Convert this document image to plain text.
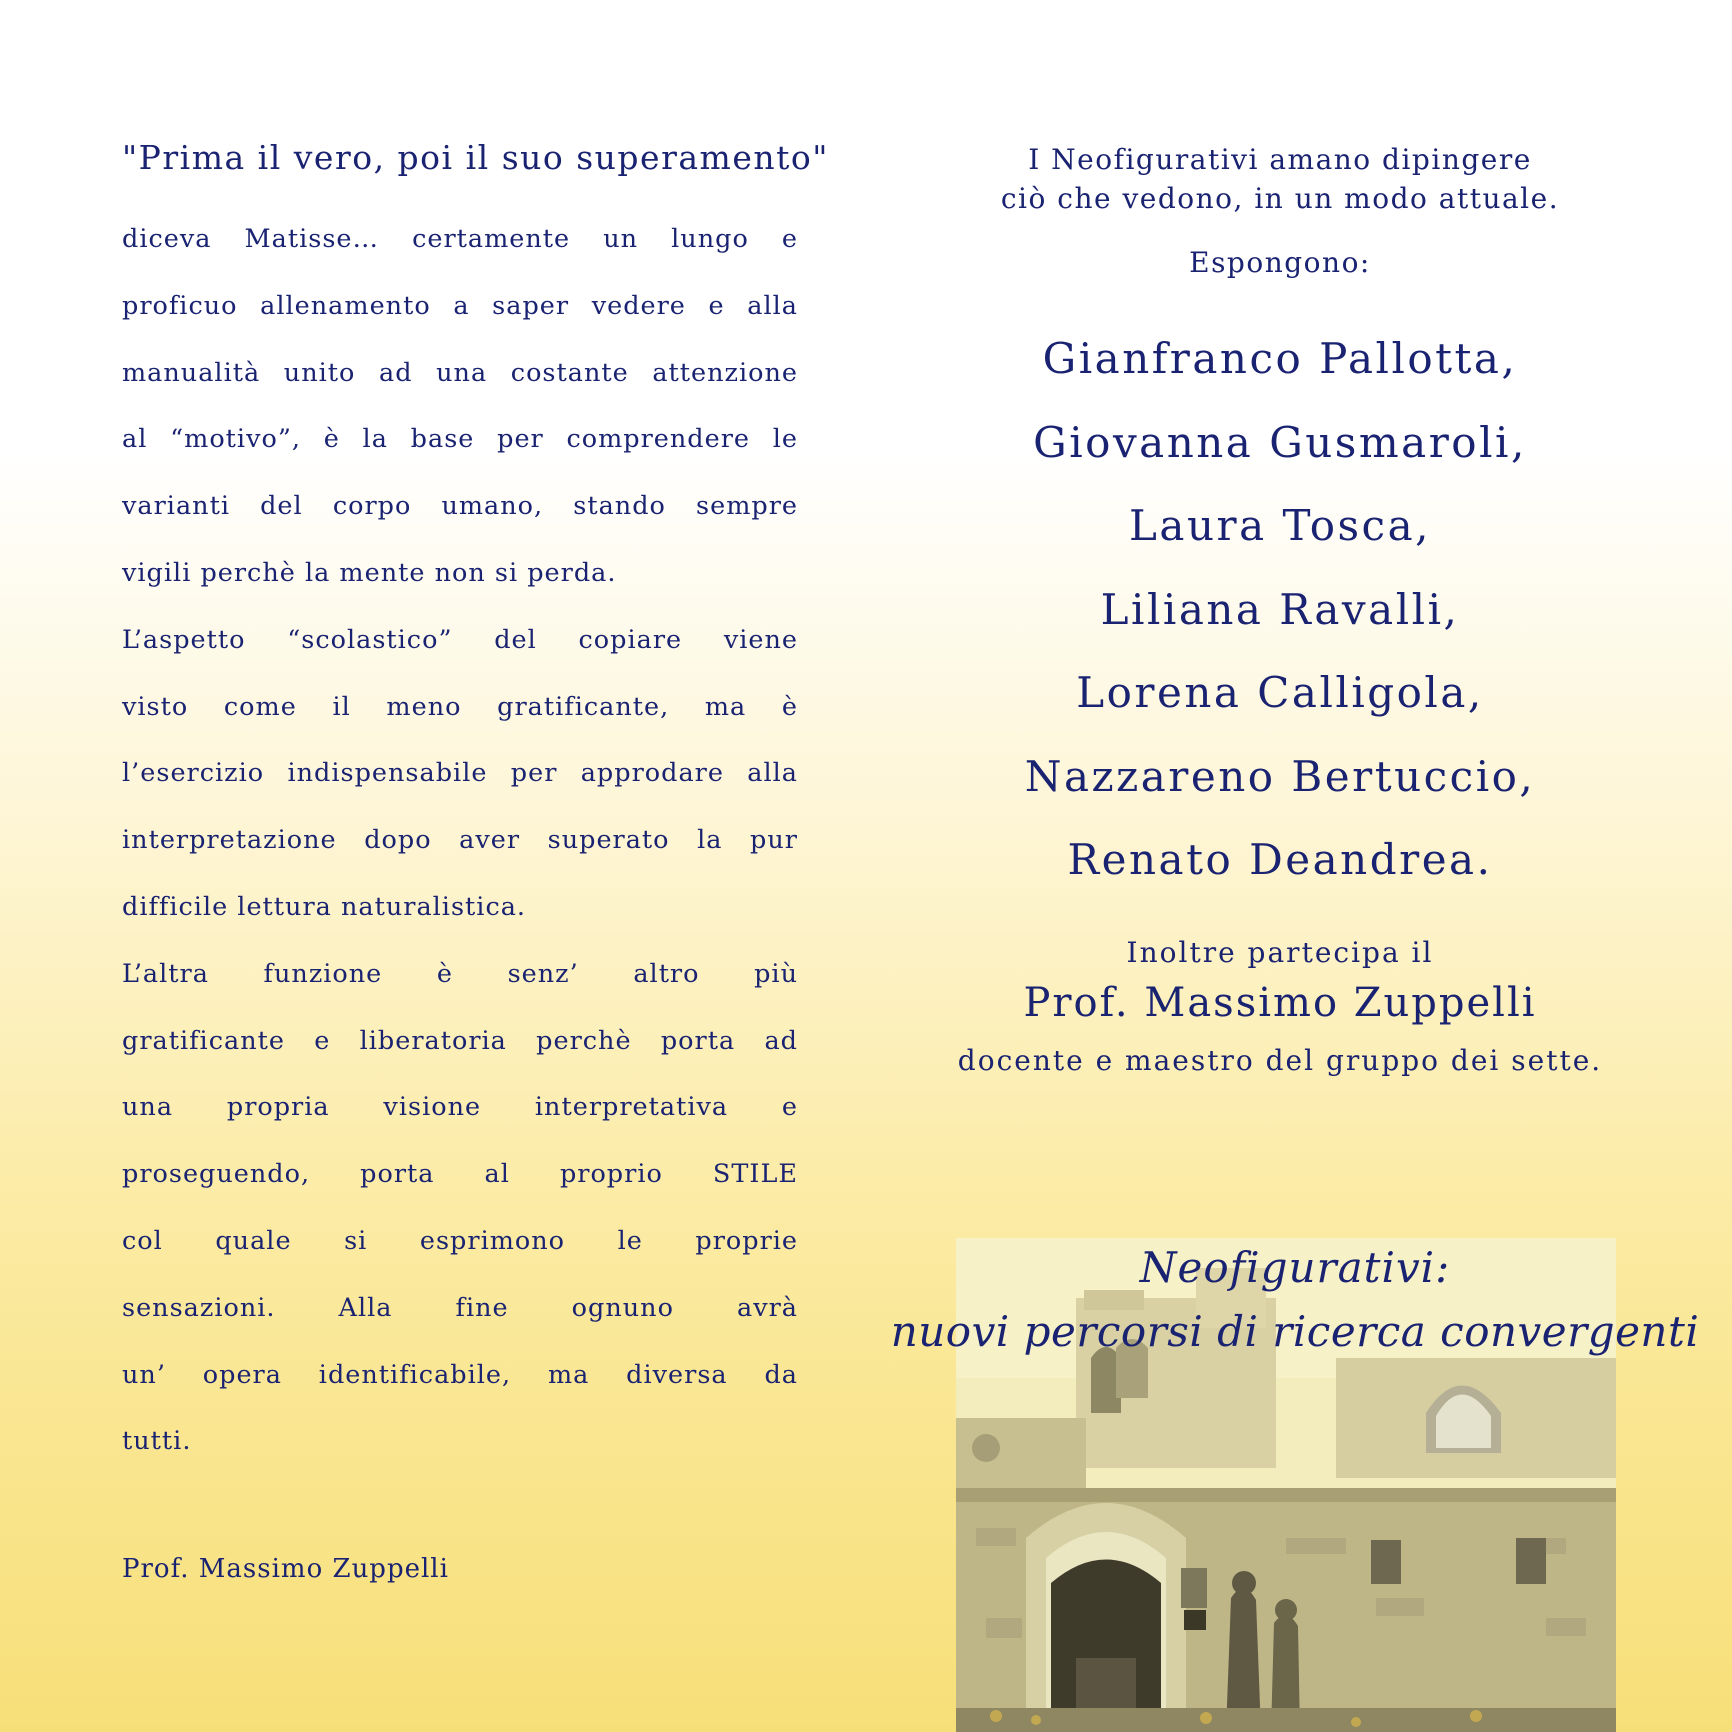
"Prima il vero, poi il suo superamento"

diceva Matisse… certamente un lungo e

proficuo allenamento a saper vedere e alla

manualità unito ad una costante attenzione

al “motivo”, è la base per comprendere le

varianti del corpo umano, stando sempre

vigili perchè la mente non si perda.

L’aspetto “scolastico” del copiare viene

visto come il meno gratificante, ma è

l’esercizio indispensabile per approdare alla

interpretazione dopo aver superato la pur

difficile lettura naturalistica.

L’altra funzione è senz’ altro più

gratificante e liberatoria perchè porta ad

una propria visione interpretativa e

proseguendo, porta al proprio STILE

col quale si esprimono le proprie

sensazioni. Alla fine ognuno avrà

un’ opera identificabile, ma diversa da

tutti.

Prof. Massimo Zuppelli
I Neofigurativi amano dipingere
ciò che vedono, in un modo attuale.
Espongono:
Gianfranco Pallotta,
Giovanna Gusmaroli,
Laura Tosca,
Liliana Ravalli,
Lorena Calligola,
Nazzareno Bertuccio,
Renato Deandrea.
Inoltre partecipa il
Prof. Massimo Zuppelli
docente e maestro del gruppo dei sette.
Neofigurativi:
nuovi percorsi di ricerca convergenti
